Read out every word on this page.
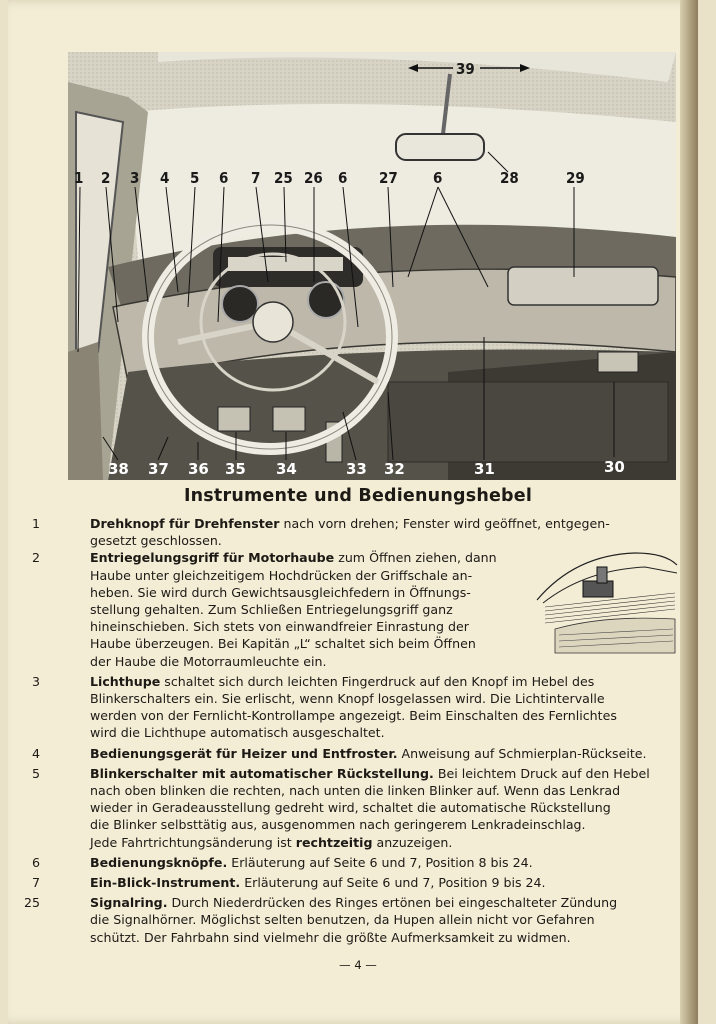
39
28	29
1 2 3 4 5 6 7 25 26 6 27 6
38 37 36 35 34	33 32	31	30
Instrumente und Bedienungshebel
1	Drehknopf für Drehfenster nach vorn drehen; Fenster wird geöffnet, entgegen-
gesetzt geschlossen.
2	Entriegelungsgriff für Motorhaube zum Öffnen ziehen, dann
Haube unter gleichzeitigem Hochdrücken der Griffschale an-
heben. Sie wird durch Gewichtsausgleichfedern in Öffnungs-
stellung gehalten. Zum Schließen Entriegelungsgriff ganz
hineinschieben. Sich stets von einwandfreier Einrastung der
Haube überzeugen. Bei Kapitän „L“ schaltet sich beim Öffnen
der Haube die Motorraumleuchte ein.
3	Lichthupe schaltet sich durch leichten Fingerdruck auf den Knopf im Hebel des
Blinkerschalters ein. Sie erlischt, wenn Knopf losgelassen wird. Die Lichtintervalle
werden von der Fernlicht-Kontrollampe angezeigt. Beim Einschalten des Fernlichtes
wird die Lichthupe automatisch ausgeschaltet.
4	Bedienungsgerät für Heizer und Entfroster. Anweisung auf Schmierplan-Rückseite.
5	Blinkerschalter mit automatischer Rückstellung. Bei leichtem Druck auf den Hebel
nach oben blinken die rechten, nach unten die linken Blinker auf. Wenn das Lenkrad
wieder in Geradeausstellung gedreht wird, schaltet die automatische Rückstellung
die Blinker selbsttätig aus, ausgenommen nach geringerem Lenkradeinschlag.
Jede Fahrtrichtungsänderung ist rechtzeitig anzuzeigen.
6	Bedienungsknöpfe. Erläuterung auf Seite 6 und 7, Position 8 bis 24.
7	Ein-Blick-Instrument. Erläuterung auf Seite 6 und 7, Position 9 bis 24.
25	Signalring. Durch Niederdrücken des Ringes ertönen bei eingeschalteter Zündung
die Signalhörner. Möglichst selten benutzen, da Hupen allein nicht vor Gefahren
schützt. Der Fahrbahn sind vielmehr die größte Aufmerksamkeit zu widmen.
— 4 —
